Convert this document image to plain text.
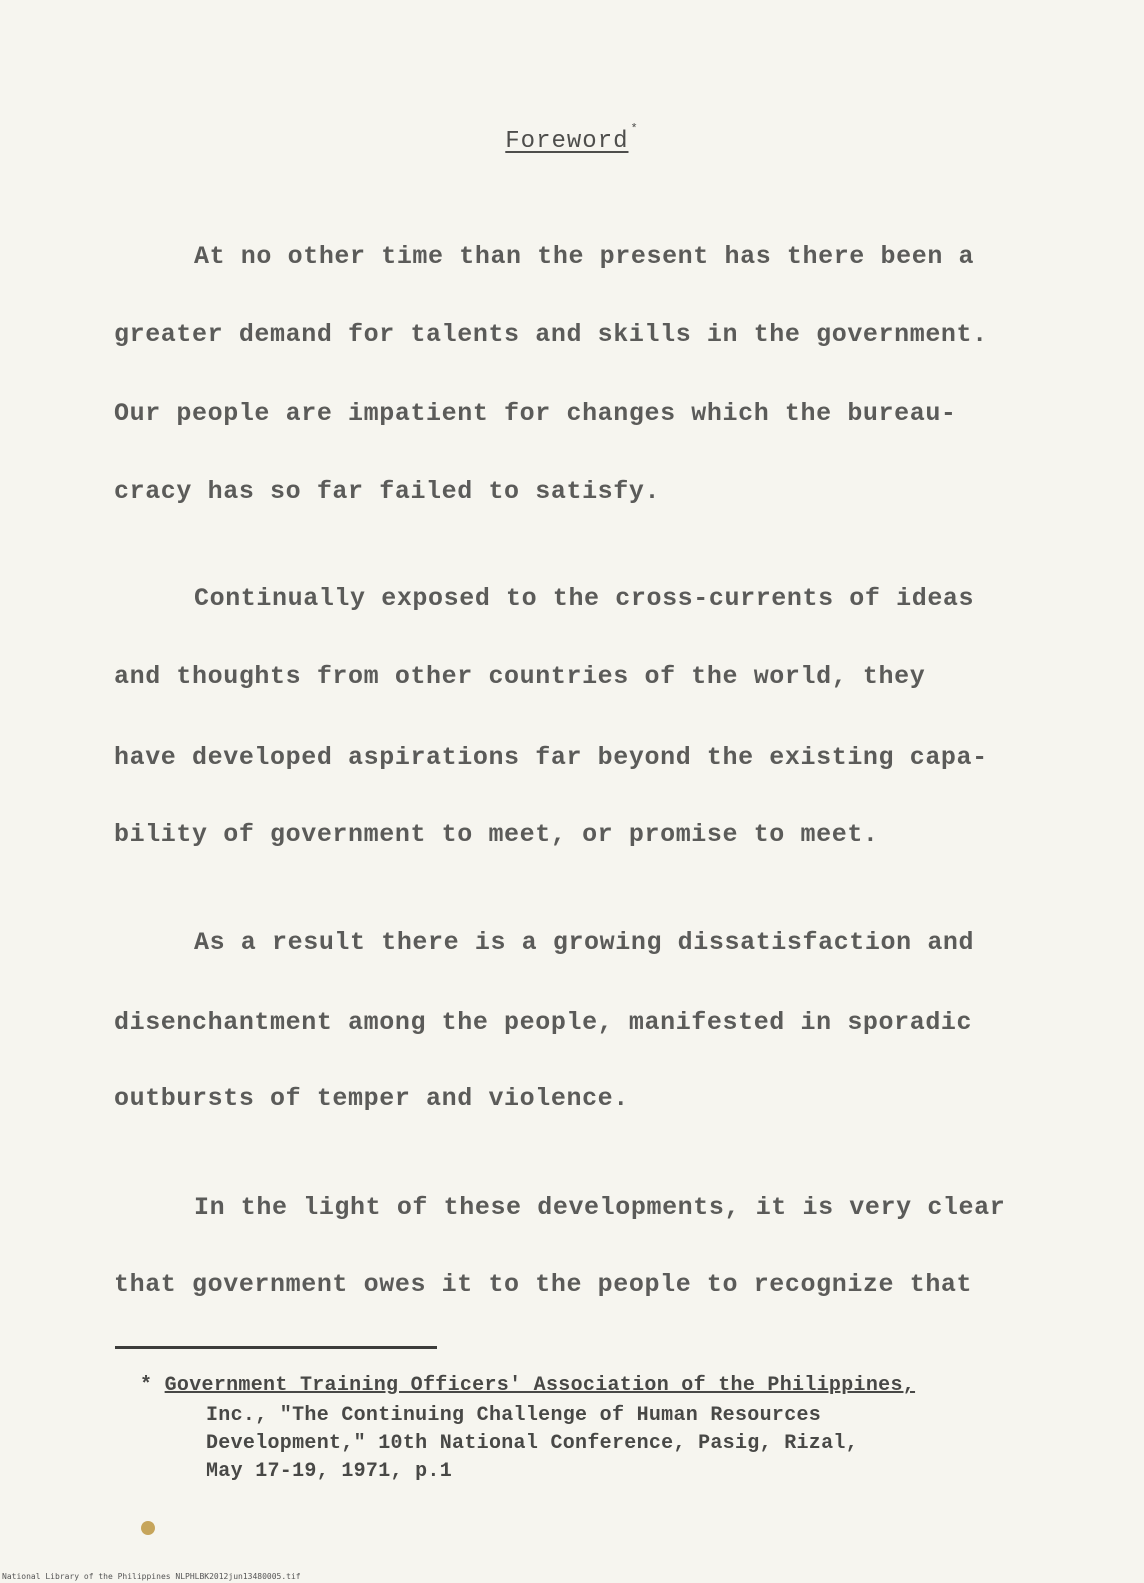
Foreword *
At no other time than the present has there been a
greater demand for talents and skills in the government.
Our people are impatient for changes which the bureau-
cracy has so far failed to satisfy.
Continually exposed to the cross-currents of ideas
and thoughts from other countries of the world, they
have developed aspirations far beyond the existing capa-
bility of government to meet, or promise to meet.
As a result there is a growing dissatisfaction and
disenchantment among the people, manifested in sporadic
outbursts of temper and violence.
In the light of these developments, it is very clear
that government owes it to the people to recognize that
* Government Training Officers' Association of the Philippines,
Inc., "The Continuing Challenge of Human Resources
Development," 10th National Conference, Pasig, Rizal,
May 17-19, 1971, p.1
National Library of the Philippines NLPHLBK2012jun13480005.tif
